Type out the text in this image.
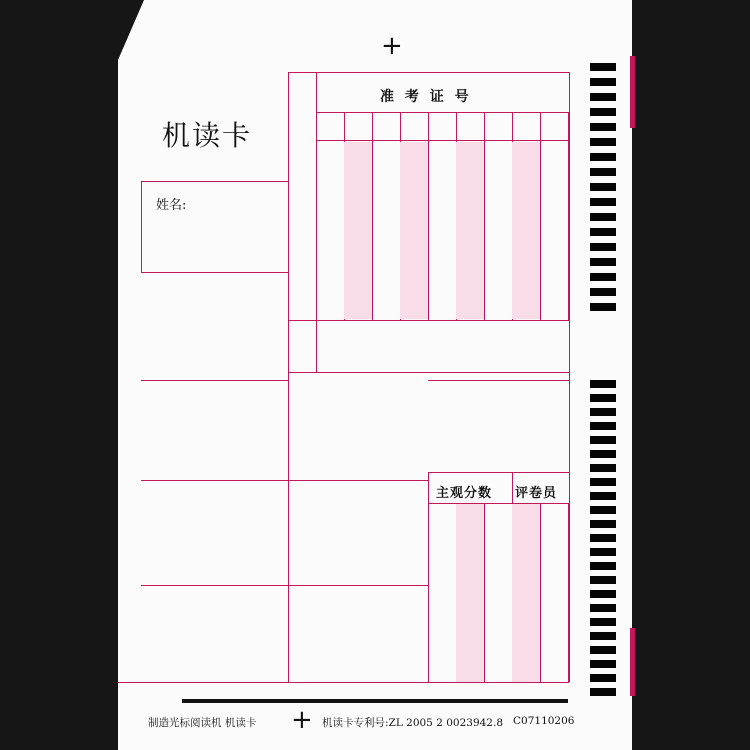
+
机读卡
姓名:
准 考 证 号
主观分数 评卷员
制造光标阅读机 机读卡 + 机读卡专利号:ZL 2005 2 0023942.8 C07110206
